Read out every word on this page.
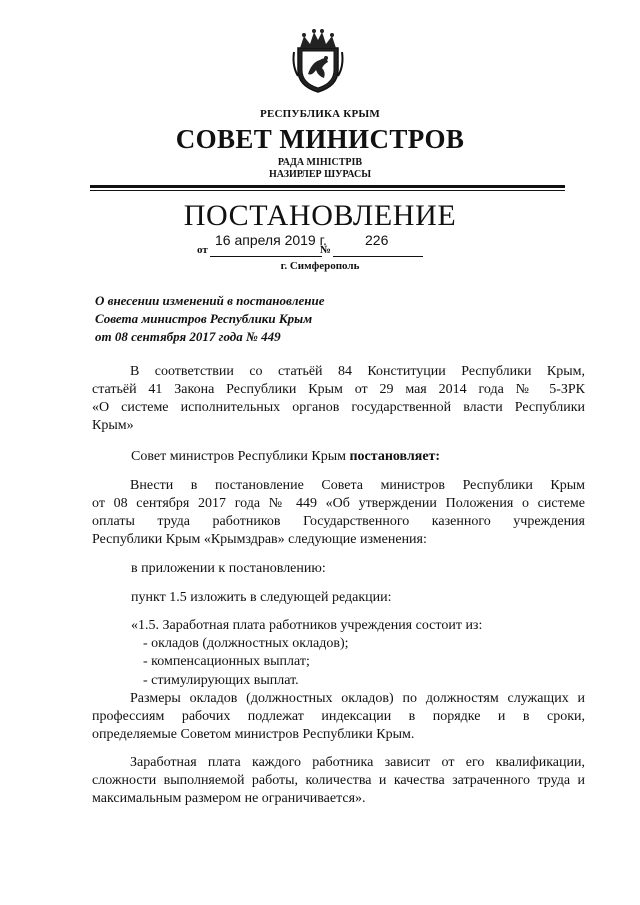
РЕСПУБЛИКА КРЫМ
СОВЕТ МИНИСТРОВ
РАДА МІНІСТРІВ
НАЗИРЛЕР ШУРАСЫ
ПОСТАНОВЛЕНИЕ
16 апреля 2019 г.	226
от	№
г. Симферополь
О внесении изменений в постановление
Совета министров Республики Крым
от 08 сентября 2017 года № 449
В соответствии со статьёй 84 Конституции Республики Крым,
статьёй 41 Закона Республики Крым от 29 мая 2014 года № 5-ЗРК
«О системе исполнительных органов государственной власти Республики
Крым»
Совет министров Республики Крым постановляет:
Внести в постановление Совета министров Республики Крым
от 08 сентября 2017 года № 449 «Об утверждении Положения о системе
оплаты труда работников Государственного казенного учреждения
Республики Крым «Крымздрав» следующие изменения:
в приложении к постановлению:
пункт 1.5 изложить в следующей редакции:
«1.5. Заработная плата работников учреждения состоит из:
- окладов (должностных окладов);
- компенсационных выплат;
- стимулирующих выплат.
Размеры окладов (должностных окладов) по должностям служащих и
профессиям рабочих подлежат индексации в порядке и в сроки,
определяемые Советом министров Республики Крым.
Заработная плата каждого работника зависит от его квалификации,
сложности выполняемой работы, количества и качества затраченного труда и
максимальным размером не ограничивается».
